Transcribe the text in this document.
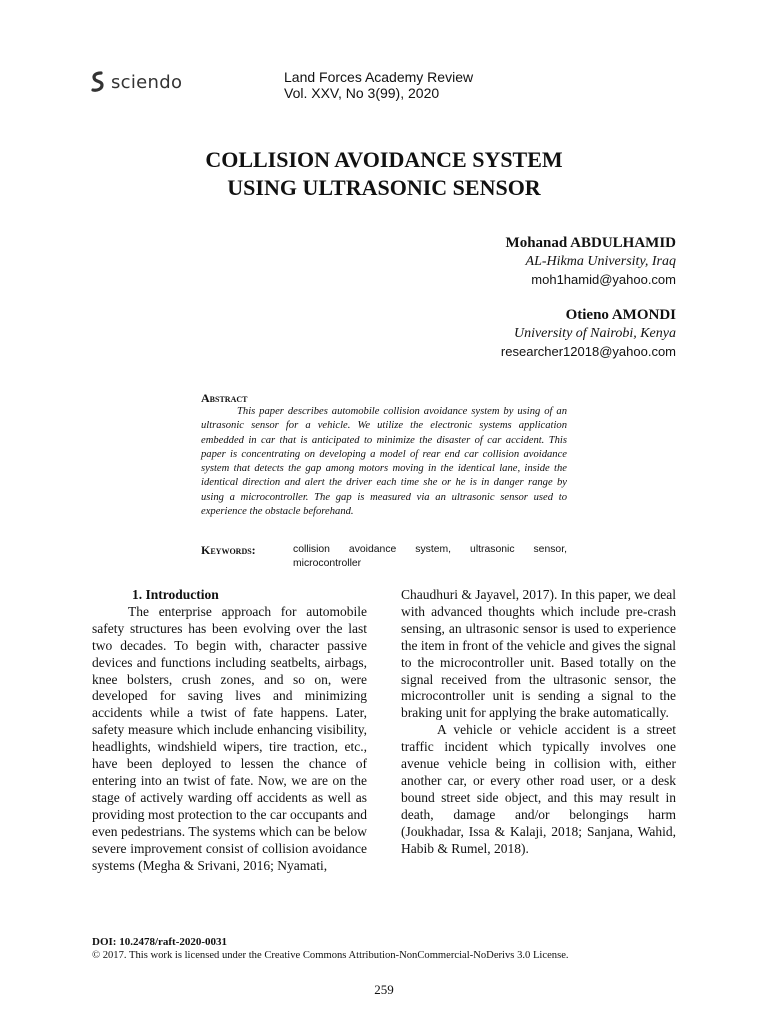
sciendo	Land Forces Academy Review
Vol. XXV, No 3(99), 2020
COLLISION AVOIDANCE SYSTEM
USING ULTRASONIC SENSOR
Mohanad ABDULHAMID
AL-Hikma University, Iraq
moh1hamid@yahoo.com
Otieno AMONDI
University of Nairobi, Kenya
researcher12018@yahoo.com
Abstract

This paper describes automobile collision avoidance system by using of an ultrasonic sensor for a vehicle. We utilize the electronic systems application embedded in car that is anticipated to minimize the disaster of car accident. This paper is concentrating on developing a model of rear end car collision avoidance system that detects the gap among motors moving in the identical lane, inside the identical direction and alert the driver each time she or he is in danger range by using a microcontroller. The gap is measured via an ultrasonic sensor used to experience the obstacle beforehand.

Keywords:	collision avoidance system, ultrasonic sensor, microcontroller
1. Introduction

The enterprise approach for automobile safety structures has been evolving over the last two decades. To begin with, character passive devices and functions including seatbelts, airbags, knee bolsters, crush zones, and so on, were developed for saving lives and minimizing accidents while a twist of fate happens. Later, safety measure which include enhancing visibility, headlights, windshield wipers, tire traction, etc., have been deployed to lessen the chance of entering into an twist of fate. Now, we are on the stage of actively warding off accidents as well as providing most protection to the car occupants and even pedestrians. The systems which can be below severe improvement consist of collision avoidance systems (Megha & Srivani, 2016; Nyamati,

Chaudhuri & Jayavel, 2017). In this paper, we deal with advanced thoughts which include pre-crash sensing, an ultrasonic sensor is used to experience the item in front of the vehicle and gives the signal to the microcontroller unit. Based totally on the signal received from the ultrasonic sensor, the microcontroller unit is sending a signal to the braking unit for applying the brake automatically.

A vehicle or vehicle accident is a street traffic incident which typically involves one avenue vehicle being in collision with, either another car, or every other road user, or a desk bound street side object, and this may result in death, damage and/or belongings harm (Joukhadar, Issa & Kalaji, 2018; Sanjana, Wahid, Habib & Rumel, 2018).

DOI: 10.2478/raft-2020-0031
© 2017. This work is licensed under the Creative Commons Attribution-NonCommercial-NoDerivs 3.0 License.
259
